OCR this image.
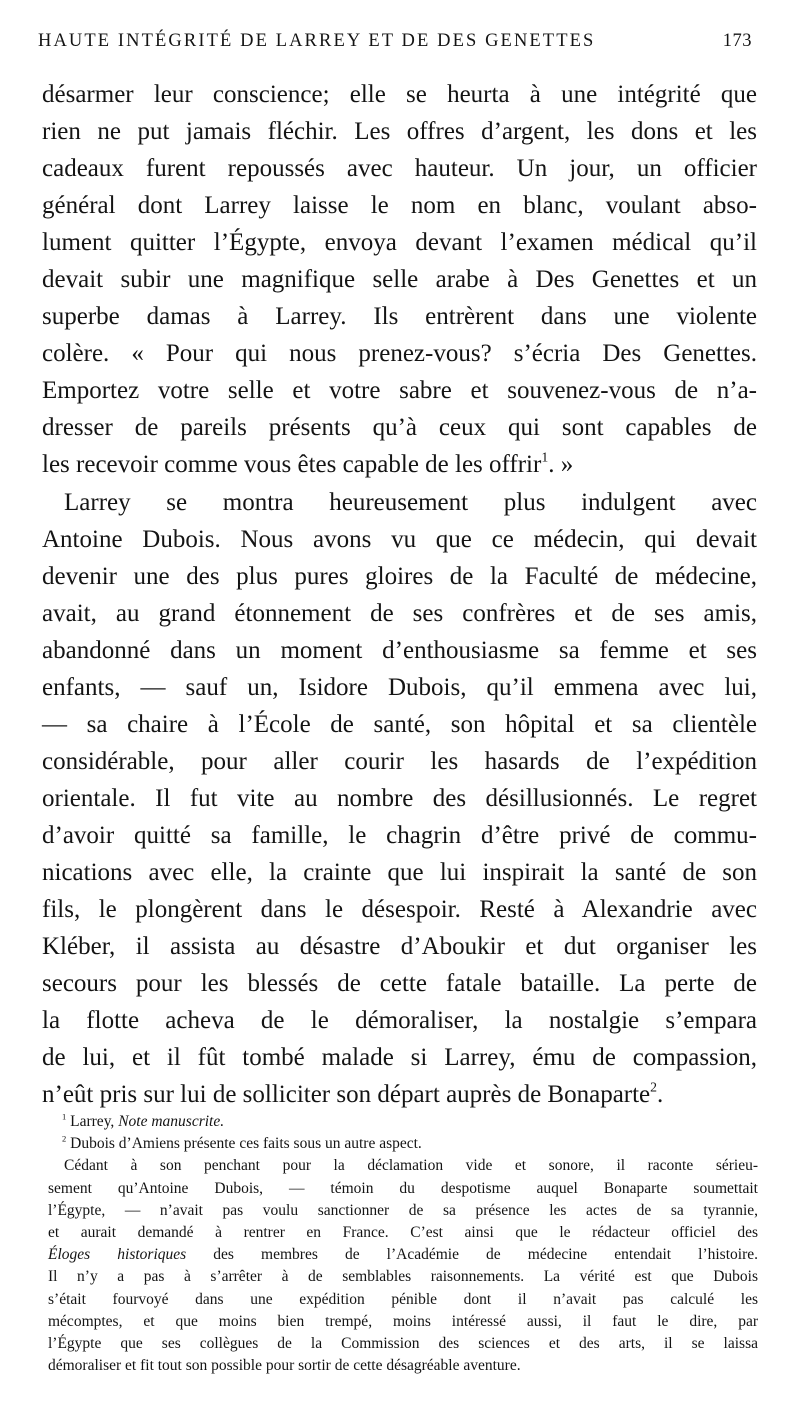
HAUTE INTÉGRITÉ DE LARREY ET DE DES GENETTES	173
désarmer leur conscience; elle se heurta à une intégrité que
rien ne put jamais fléchir. Les offres d’argent, les dons et les
cadeaux furent repoussés avec hauteur. Un jour, un officier
général dont Larrey laisse le nom en blanc, voulant abso-
lument quitter l’Égypte, envoya devant l’examen médical qu’il
devait subir une magnifique selle arabe à Des Genettes et un
superbe damas à Larrey. Ils entrèrent dans une violente
colère. « Pour qui nous prenez-vous? s’écria Des Genettes.
Emportez votre selle et votre sabre et souvenez-vous de n’a-
dresser de pareils présents qu’à ceux qui sont capables de
les recevoir comme vous êtes capable de les offrir$^1$. »
Larrey se montra heureusement plus indulgent avec
Antoine Dubois. Nous avons vu que ce médecin, qui devait
devenir une des plus pures gloires de la Faculté de médecine,
avait, au grand étonnement de ses confrères et de ses amis,
abandonné dans un moment d’enthousiasme sa femme et ses
enfants, — sauf un, Isidore Dubois, qu’il emmena avec lui,
— sa chaire à l’École de santé, son hôpital et sa clientèle
considérable, pour aller courir les hasards de l’expédition
orientale. Il fut vite au nombre des désillusionnés. Le regret
d’avoir quitté sa famille, le chagrin d’être privé de commu-
nications avec elle, la crainte que lui inspirait la santé de son
fils, le plongèrent dans le désespoir. Resté à Alexandrie avec
Kléber, il assista au désastre d’Aboukir et dut organiser les
secours pour les blessés de cette fatale bataille. La perte de
la flotte acheva de le démoraliser, la nostalgie s’empara
de lui, et il fût tombé malade si Larrey, ému de compassion,
n’eût pris sur lui de solliciter son départ auprès de Bonaparte$^2$.
$^1$ Larrey, Note manuscrite.
$^2$ Dubois d’Amiens présente ces faits sous un autre aspect.
Cédant à son penchant pour la déclamation vide et sonore, il raconte sérieu-
sement qu’Antoine Dubois, — témoin du despotisme auquel Bonaparte soumettait
l’Égypte, — n’avait pas voulu sanctionner de sa présence les actes de sa tyrannie,
et aurait demandé à rentrer en France. C’est ainsi que le rédacteur officiel des
Éloges historiques des membres de l’Académie de médecine entendait l’histoire.
Il n’y a pas à s’arrêter à de semblables raisonnements. La vérité est que Dubois
s’était fourvoyé dans une expédition pénible dont il n’avait pas calculé les
mécomptes, et que moins bien trempé, moins intéressé aussi, il faut le dire, par
l’Égypte que ses collègues de la Commission des sciences et des arts, il se laissa
démoraliser et fit tout son possible pour sortir de cette désagréable aventure.
